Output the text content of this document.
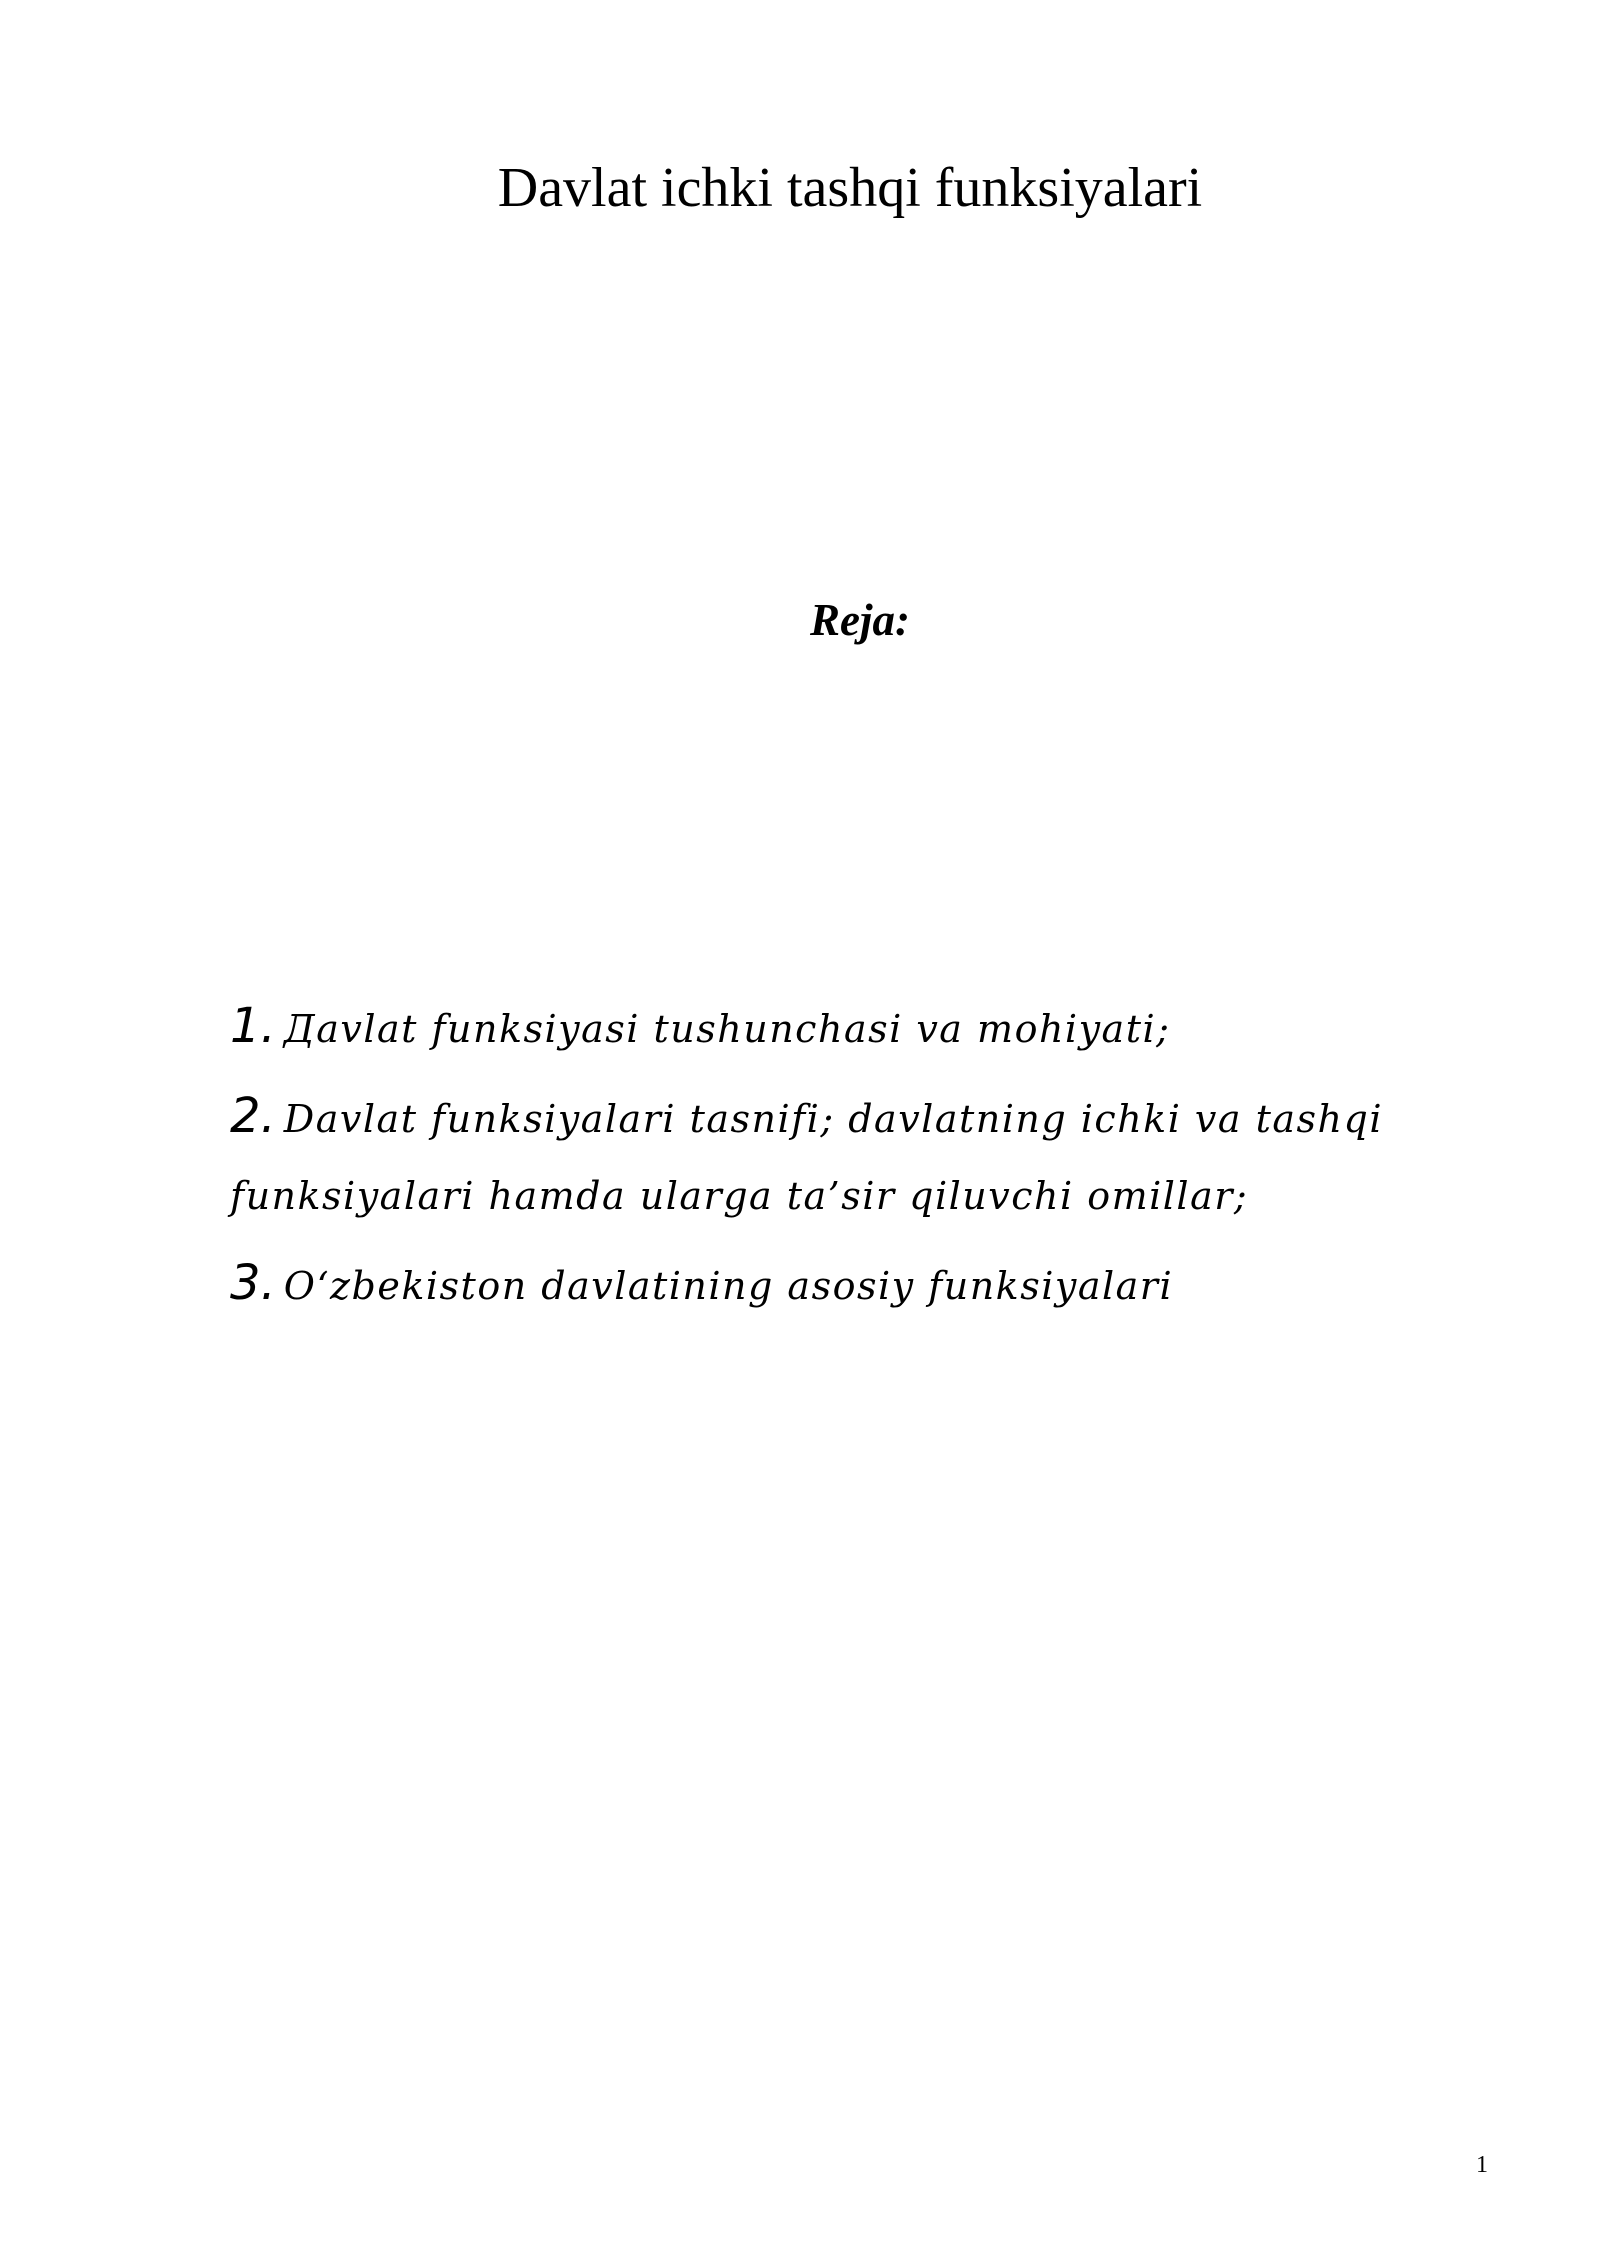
Davlat ichki tashqi funksiyalari
Reja:
1. Дavlat funksiyasi tushunchasi va mohiyati;
2. Davlat funksiyalari tasnifi; davlatning ichki va tashqi funksiyalari hamda ularga ta’sir qiluvchi omillar;
3. O‘zbekiston davlatining asosiy funksiyalari
1
